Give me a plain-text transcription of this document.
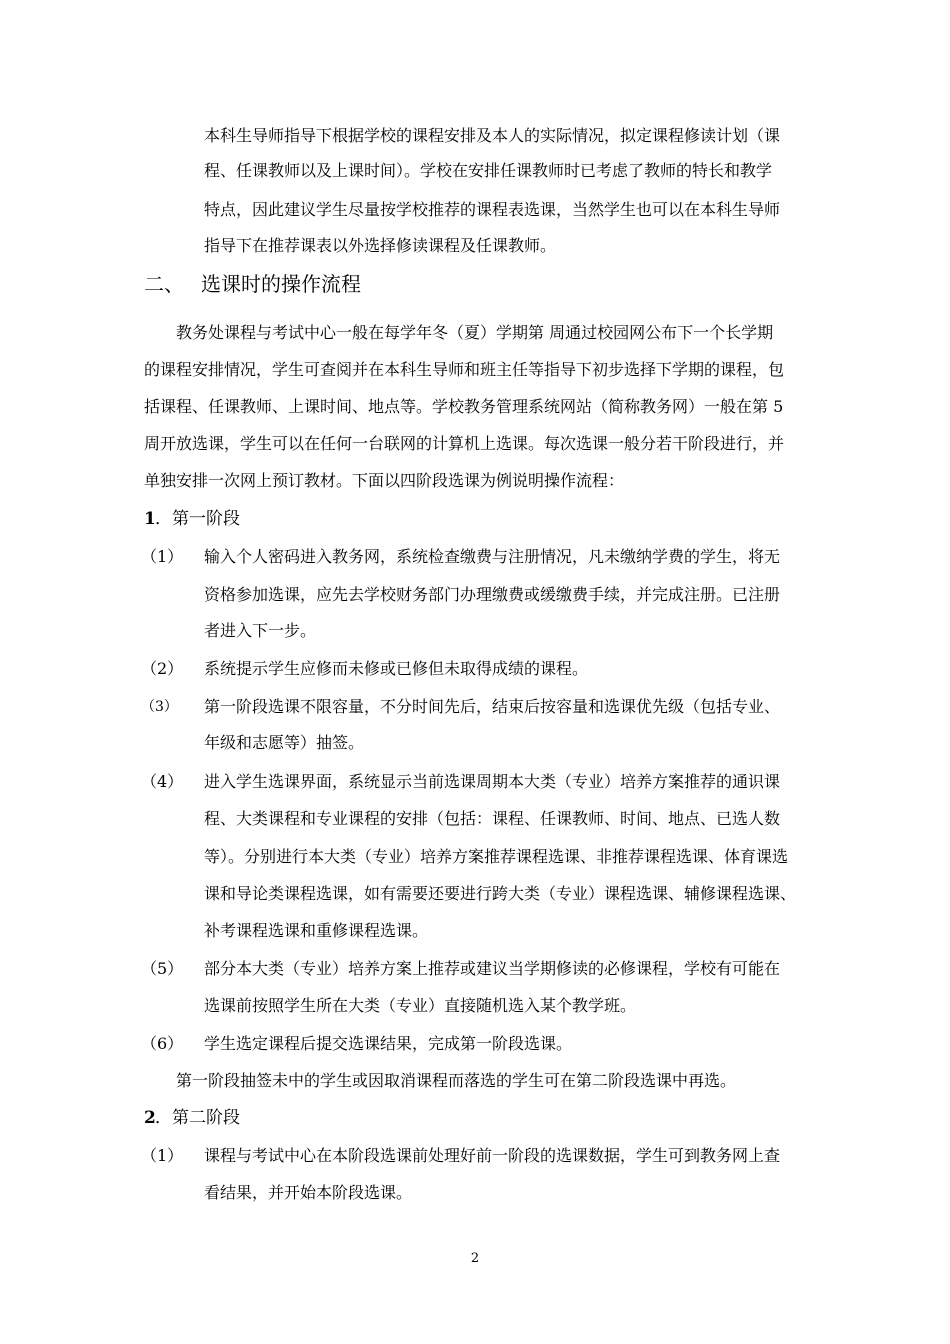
本科生导师指导下根据学校的课程安排及本人的实际情况，拟定课程修读计划（课
程、任课教师以及上课时间）。学校在安排任课教师时已考虑了教师的特长和教学
特点，因此建议学生尽量按学校推荐的课程表选课，当然学生也可以在本科生导师
指导下在推荐课表以外选择修读课程及任课教师。
二、 选课时的操作流程
教务处课程与考试中心一般在每学年冬（夏）学期第 周通过校园网公布下一个长学期
的课程安排情况，学生可查阅并在本科生导师和班主任等指导下初步选择下学期的课程，包
括课程、任课教师、上课时间、地点等。学校教务管理系统网站（简称教务网）一般在第 5
周开放选课，学生可以在任何一台联网的计算机上选课。每次选课一般分若干阶段进行，并
单独安排一次网上预订教材。下面以四阶段选课为例说明操作流程：
1 ．第一阶段
（1） 输入个人密码进入教务网，系统检查缴费与注册情况，凡未缴纳学费的学生，将无
资格参加选课，应先去学校财务部门办理缴费或缓缴费手续，并完成注册。已注册
者进入下一步。
（2） 系统提示学生应修而未修或已修但未取得成绩的课程。
（3） 第一阶段选课不限容量，不分时间先后，结束后按容量和选课优先级（包括专业、
年级和志愿等）抽签。
（4） 进入学生选课界面，系统显示当前选课周期本大类（专业）培养方案推荐的通识课
程、大类课程和专业课程的安排（包括：课程、任课教师、时间、地点、已选人数
等）。分别进行本大类（专业）培养方案推荐课程选课、非推荐课程选课、体育课选
课和导论类课程选课，如有需要还要进行跨大类（专业）课程选课、辅修课程选课、
补考课程选课和重修课程选课。
（5） 部分本大类（专业）培养方案上推荐或建议当学期修读的必修课程，学校有可能在
选课前按照学生所在大类（专业）直接随机选入某个教学班。
（6） 学生选定课程后提交选课结果，完成第一阶段选课。
第一阶段抽签未中的学生或因取消课程而落选的学生可在第二阶段选课中再选。
2 ．第二阶段
（1） 课程与考试中心在本阶段选课前处理好前一阶段的选课数据，学生可到教务网上查
看结果，并开始本阶段选课。
2
